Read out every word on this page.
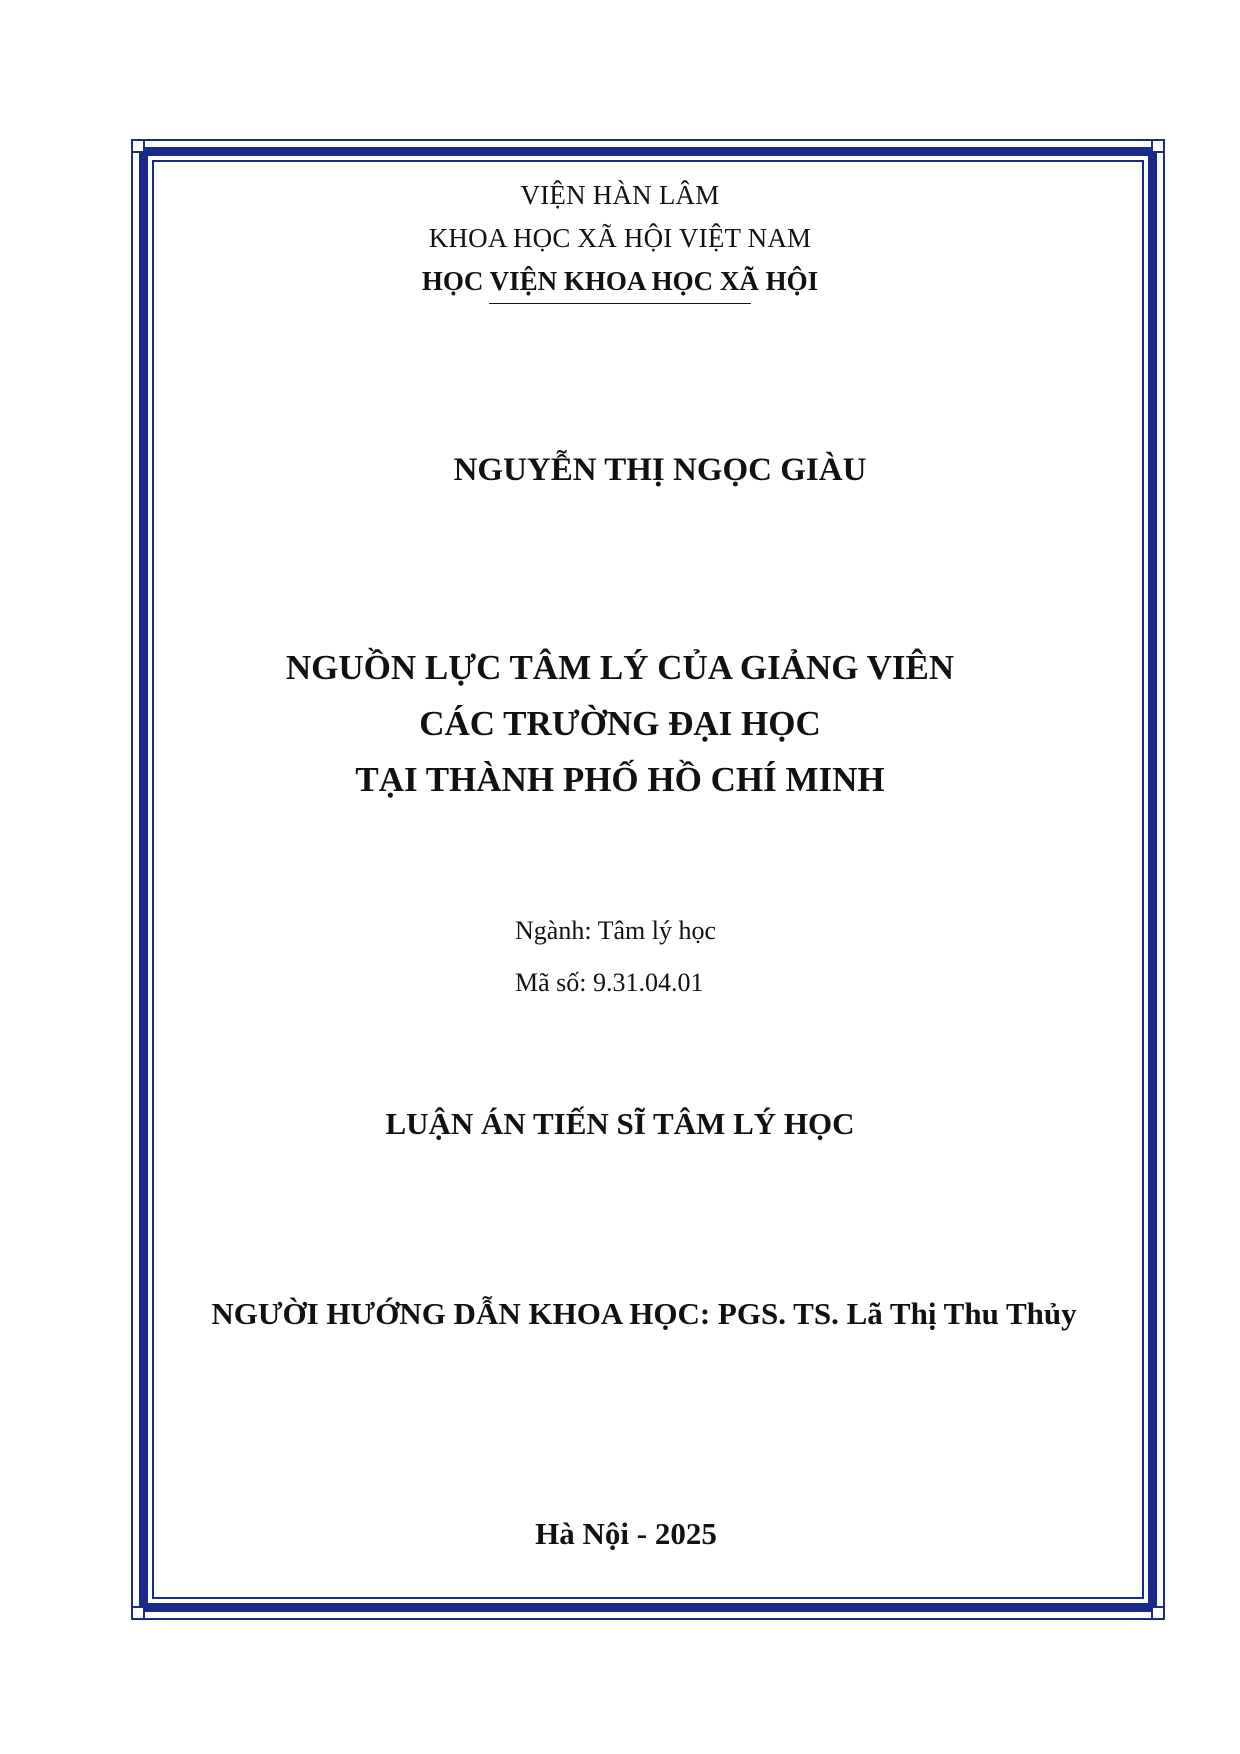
VIỆN HÀN LÂM
KHOA HỌC XÃ HỘI VIỆT NAM
HỌC VIỆN KHOA HỌC XÃ HỘI
NGUYỄN THỊ NGỌC GIÀU
NGUỒN LỰC TÂM LÝ CỦA GIẢNG VIÊN
CÁC TRƯỜNG ĐẠI HỌC
TẠI THÀNH PHỐ HỒ CHÍ MINH
Ngành: Tâm lý học
Mã số: 9.31.04.01
LUẬN ÁN TIẾN SĨ TÂM LÝ HỌC
NGƯỜI HƯỚNG DẪN KHOA HỌC: PGS. TS. Lã Thị Thu Thủy
Hà Nội - 2025
